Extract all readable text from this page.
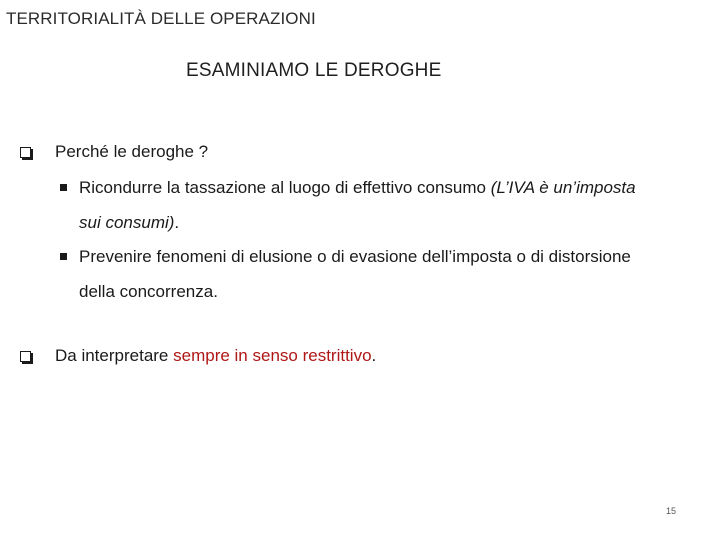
TERRITORIALITÀ DELLE OPERAZIONI
ESAMINIAMO LE DEROGHE
Perché le deroghe ?
Ricondurre la tassazione al luogo di effettivo consumo (L’IVA è un’imposta sui consumi).
Prevenire fenomeni di elusione o di evasione dell’imposta o di distorsione della concorrenza.
Da interpretare sempre in senso restrittivo.
15
